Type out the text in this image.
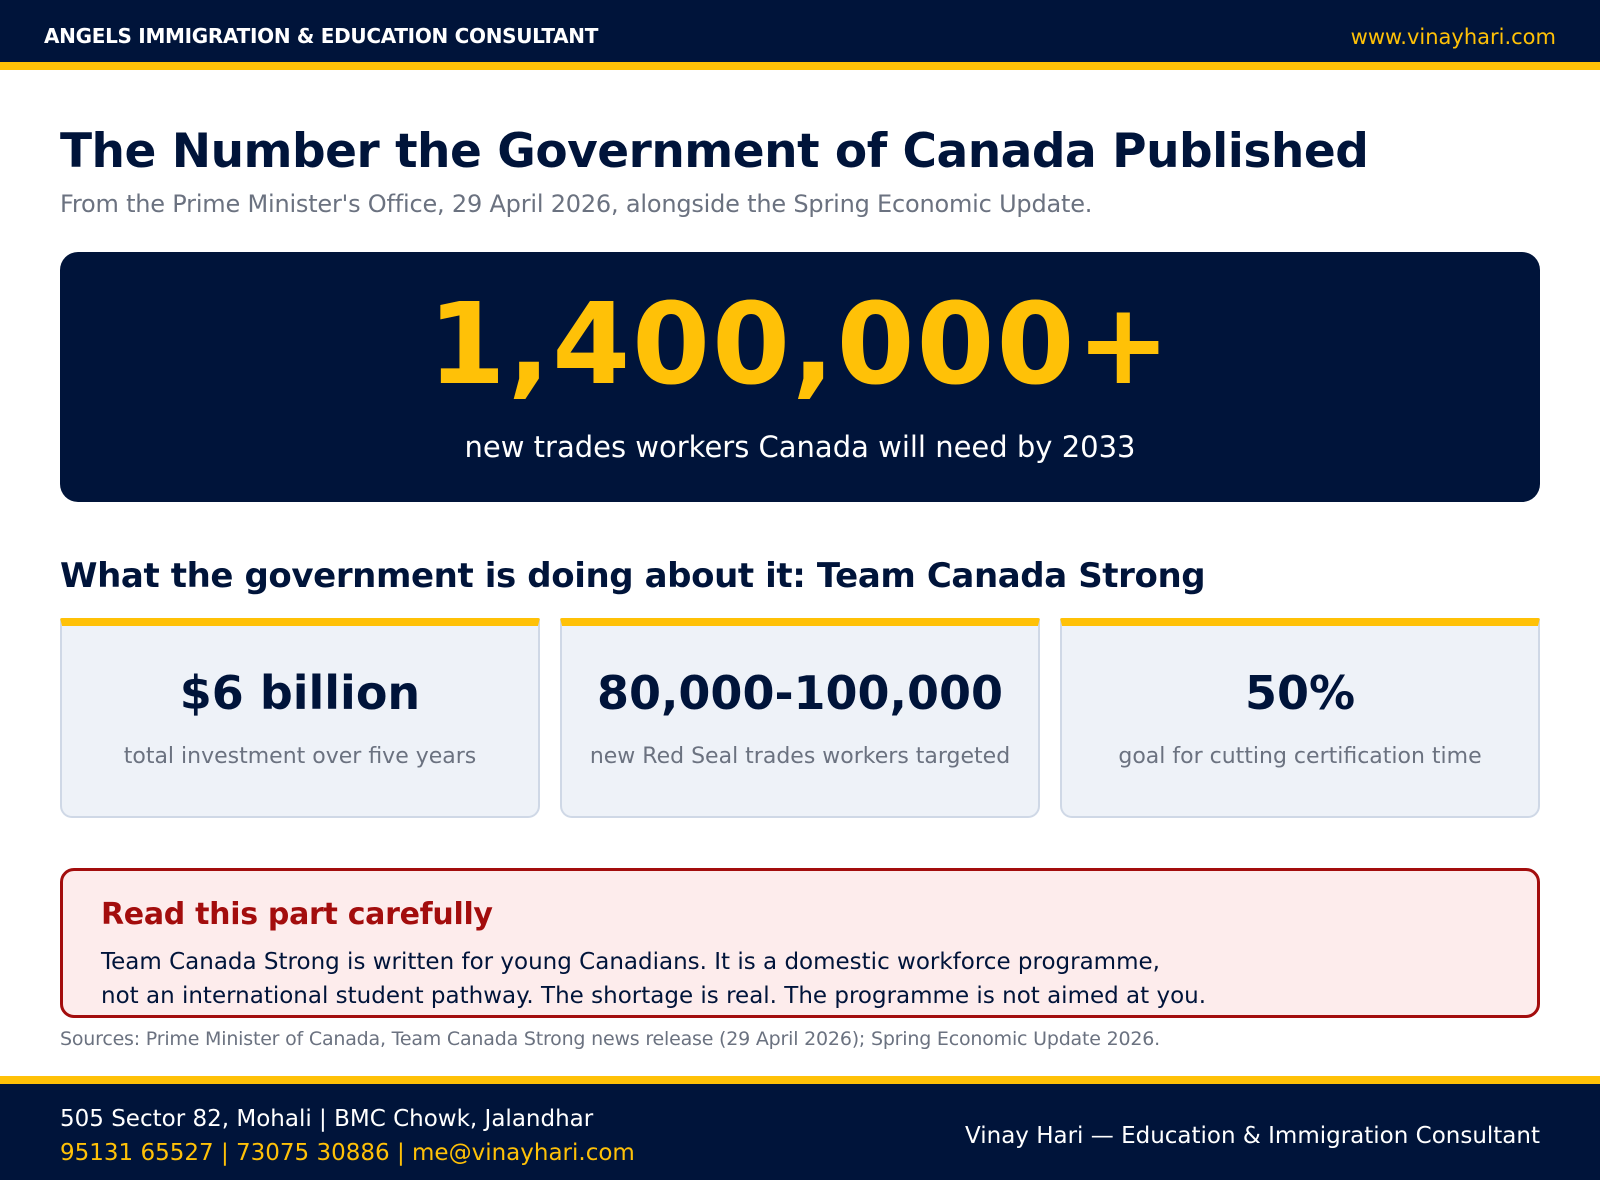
ANGELS IMMIGRATION & EDUCATION CONSULTANT	www.vinayhari.com
The Number the Government of Canada Published
From the Prime Minister's Office, 29 April 2026, alongside the Spring Economic Update.
1,400,000+
new trades workers Canada will need by 2033
What the government is doing about it: Team Canada Strong
$6 billion
total investment over five years
80,000-100,000
new Red Seal trades workers targeted
50%
goal for cutting certification time
Read this part carefully
Team Canada Strong is written for young Canadians. It is a domestic workforce programme,
not an international student pathway. The shortage is real. The programme is not aimed at you.
Sources: Prime Minister of Canada, Team Canada Strong news release (29 April 2026); Spring Economic Update 2026.
505 Sector 82, Mohali | BMC Chowk, Jalandhar
95131 65527 | 73075 30886 | me@vinayhari.com
Vinay Hari — Education & Immigration Consultant
